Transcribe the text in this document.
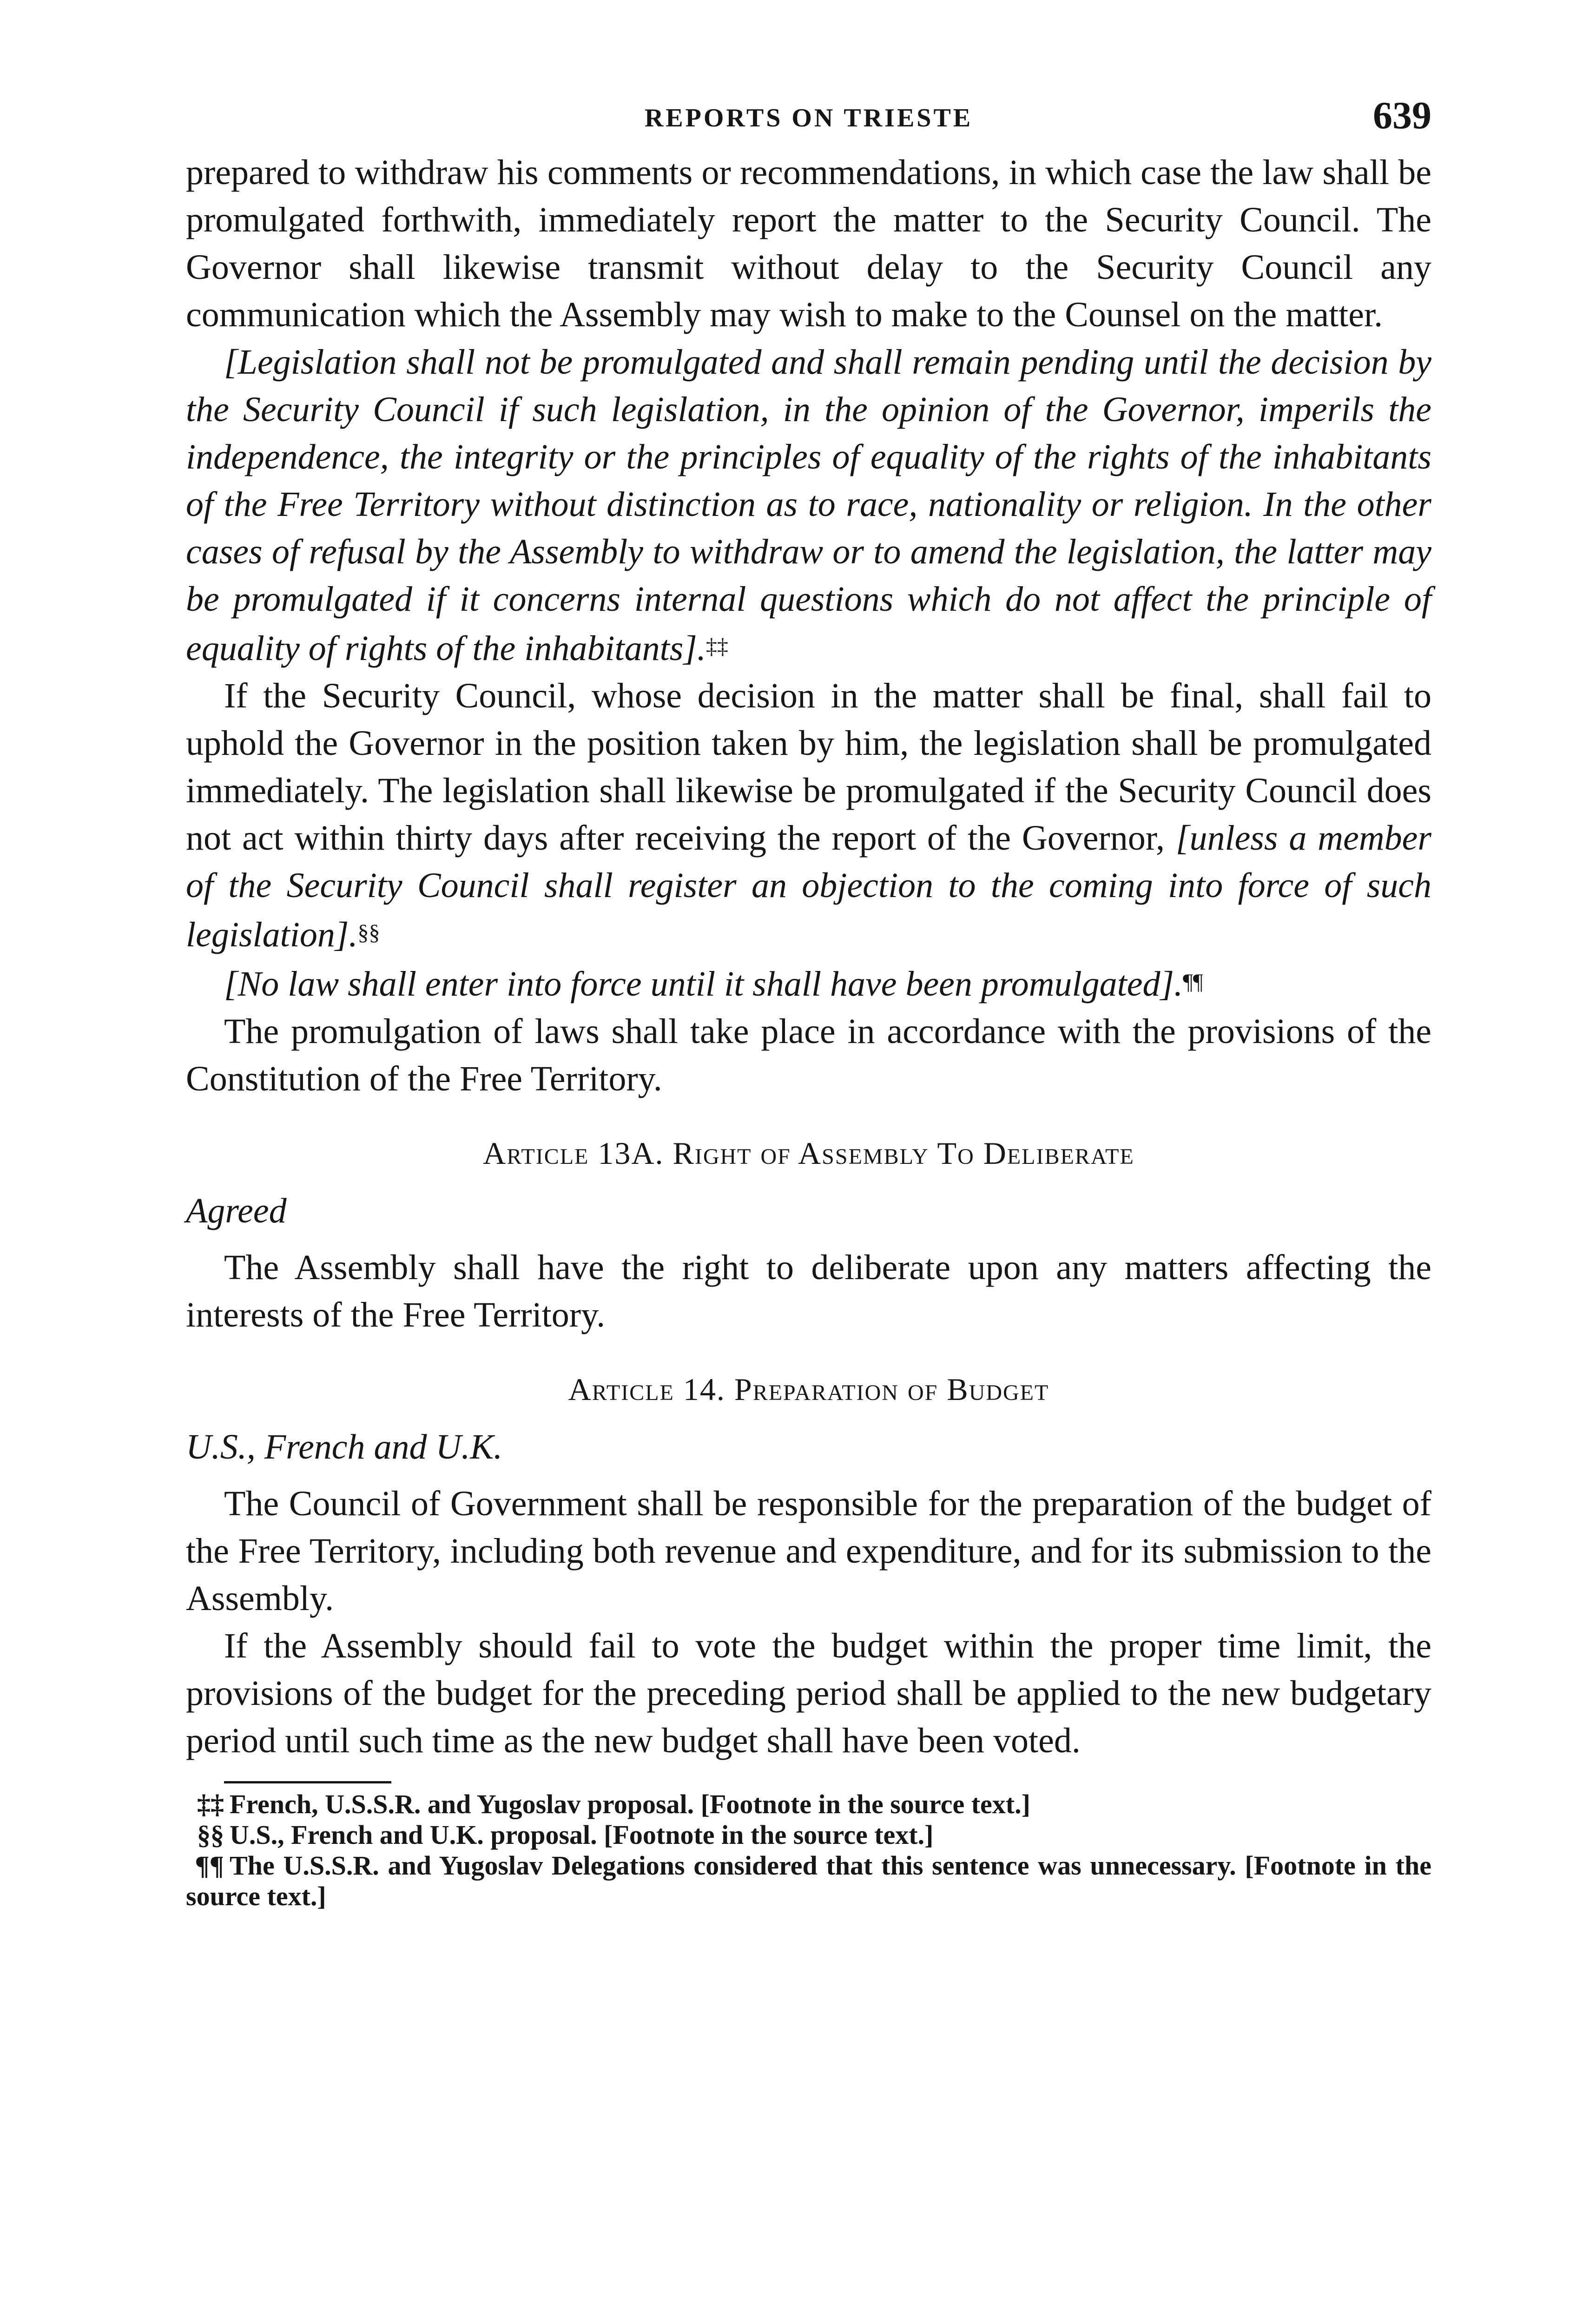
REPORTS ON TRIESTE	639

prepared to withdraw his comments or recommendations, in which case the law shall be promulgated forthwith, immediately report the matter to the Security Council. The Governor shall likewise transmit without delay to the Security Council any communication which the Assembly may wish to make to the Counsel on the matter.

[Legislation shall not be promulgated and shall remain pending until the decision by the Security Council if such legislation, in the opinion of the Governor, imperils the independence, the integrity or the principles of equality of the rights of the inhabitants of the Free Territory without distinction as to race, nationality or religion. In the other cases of refusal by the Assembly to withdraw or to amend the legislation, the latter may be promulgated if it concerns internal questions which do not affect the principle of equality of rights of the inhabitants].‡‡

If the Security Council, whose decision in the matter shall be final, shall fail to uphold the Governor in the position taken by him, the legislation shall be promulgated immediately. The legislation shall likewise be promulgated if the Security Council does not act within thirty days after receiving the report of the Governor, [unless a member of the Security Council shall register an objection to the coming into force of such legislation].§§

[No law shall enter into force until it shall have been promulgated].¶¶

The promulgation of laws shall take place in accordance with the provisions of the Constitution of the Free Territory.

Article 13A. Right of Assembly To Deliberate
Agreed

The Assembly shall have the right to deliberate upon any matters affecting the interests of the Free Territory.

Article 14. Preparation of Budget
U.S., French and U.K.

The Council of Government shall be responsible for the preparation of the budget of the Free Territory, including both revenue and expenditure, and for its submission to the Assembly.

If the Assembly should fail to vote the budget within the proper time limit, the provisions of the budget for the preceding period shall be applied to the new budgetary period until such time as the new budget shall have been voted.

‡‡ French, U.S.S.R. and Yugoslav proposal. [Footnote in the source text.]

§§ U.S., French and U.K. proposal. [Footnote in the source text.]

¶¶ The U.S.S.R. and Yugoslav Delegations considered that this sentence was unnecessary. [Footnote in the source text.]
